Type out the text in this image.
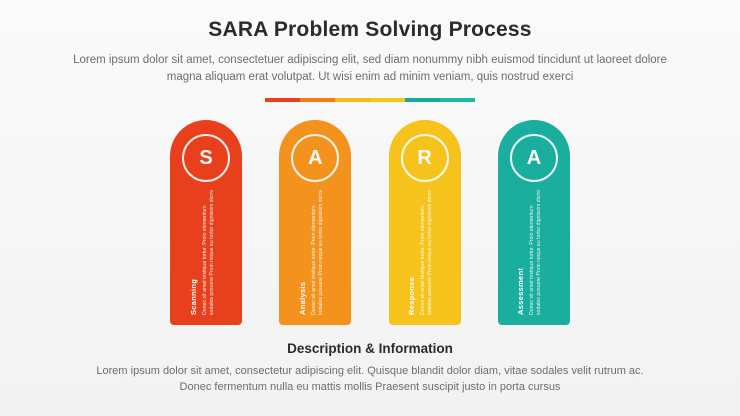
SARA Problem Solving Process

Lorem ipsum dolor sit amet, consectetuer adipiscing elit, sed diam nonummy nibh euismod tincidunt ut laoreet dolore magna aliquam erat volutpat. Ut wisi enim ad minim veniam, quis nostrud exerci

S
Donec sit amet tristique tortor. Proin elementum sodales posuere Proin neque eu tortor dignissim dicmi
Scanning
A
Donec sit amet tristique tortor. Proin elementum sodales posuere Proin neque eu tortor dignissim dicmi
Analysis
R
Donec sit amet tristique tortor. Proin elementum sodales posuere Proin neque eu tortor dignissim dicmi
Response
A
Donec sit amet tristique tortor. Proin elementum sodales posuere Proin neque eu tortor dignissim dicmi
Assessment
Description & Information

Lorem ipsum dolor sit amet, consectetur adipiscing elit. Quisque blandit dolor diam, vitae sodales velit rutrum ac. Donec fermentum nulla eu mattis mollis Praesent suscipit justo in porta cursus
